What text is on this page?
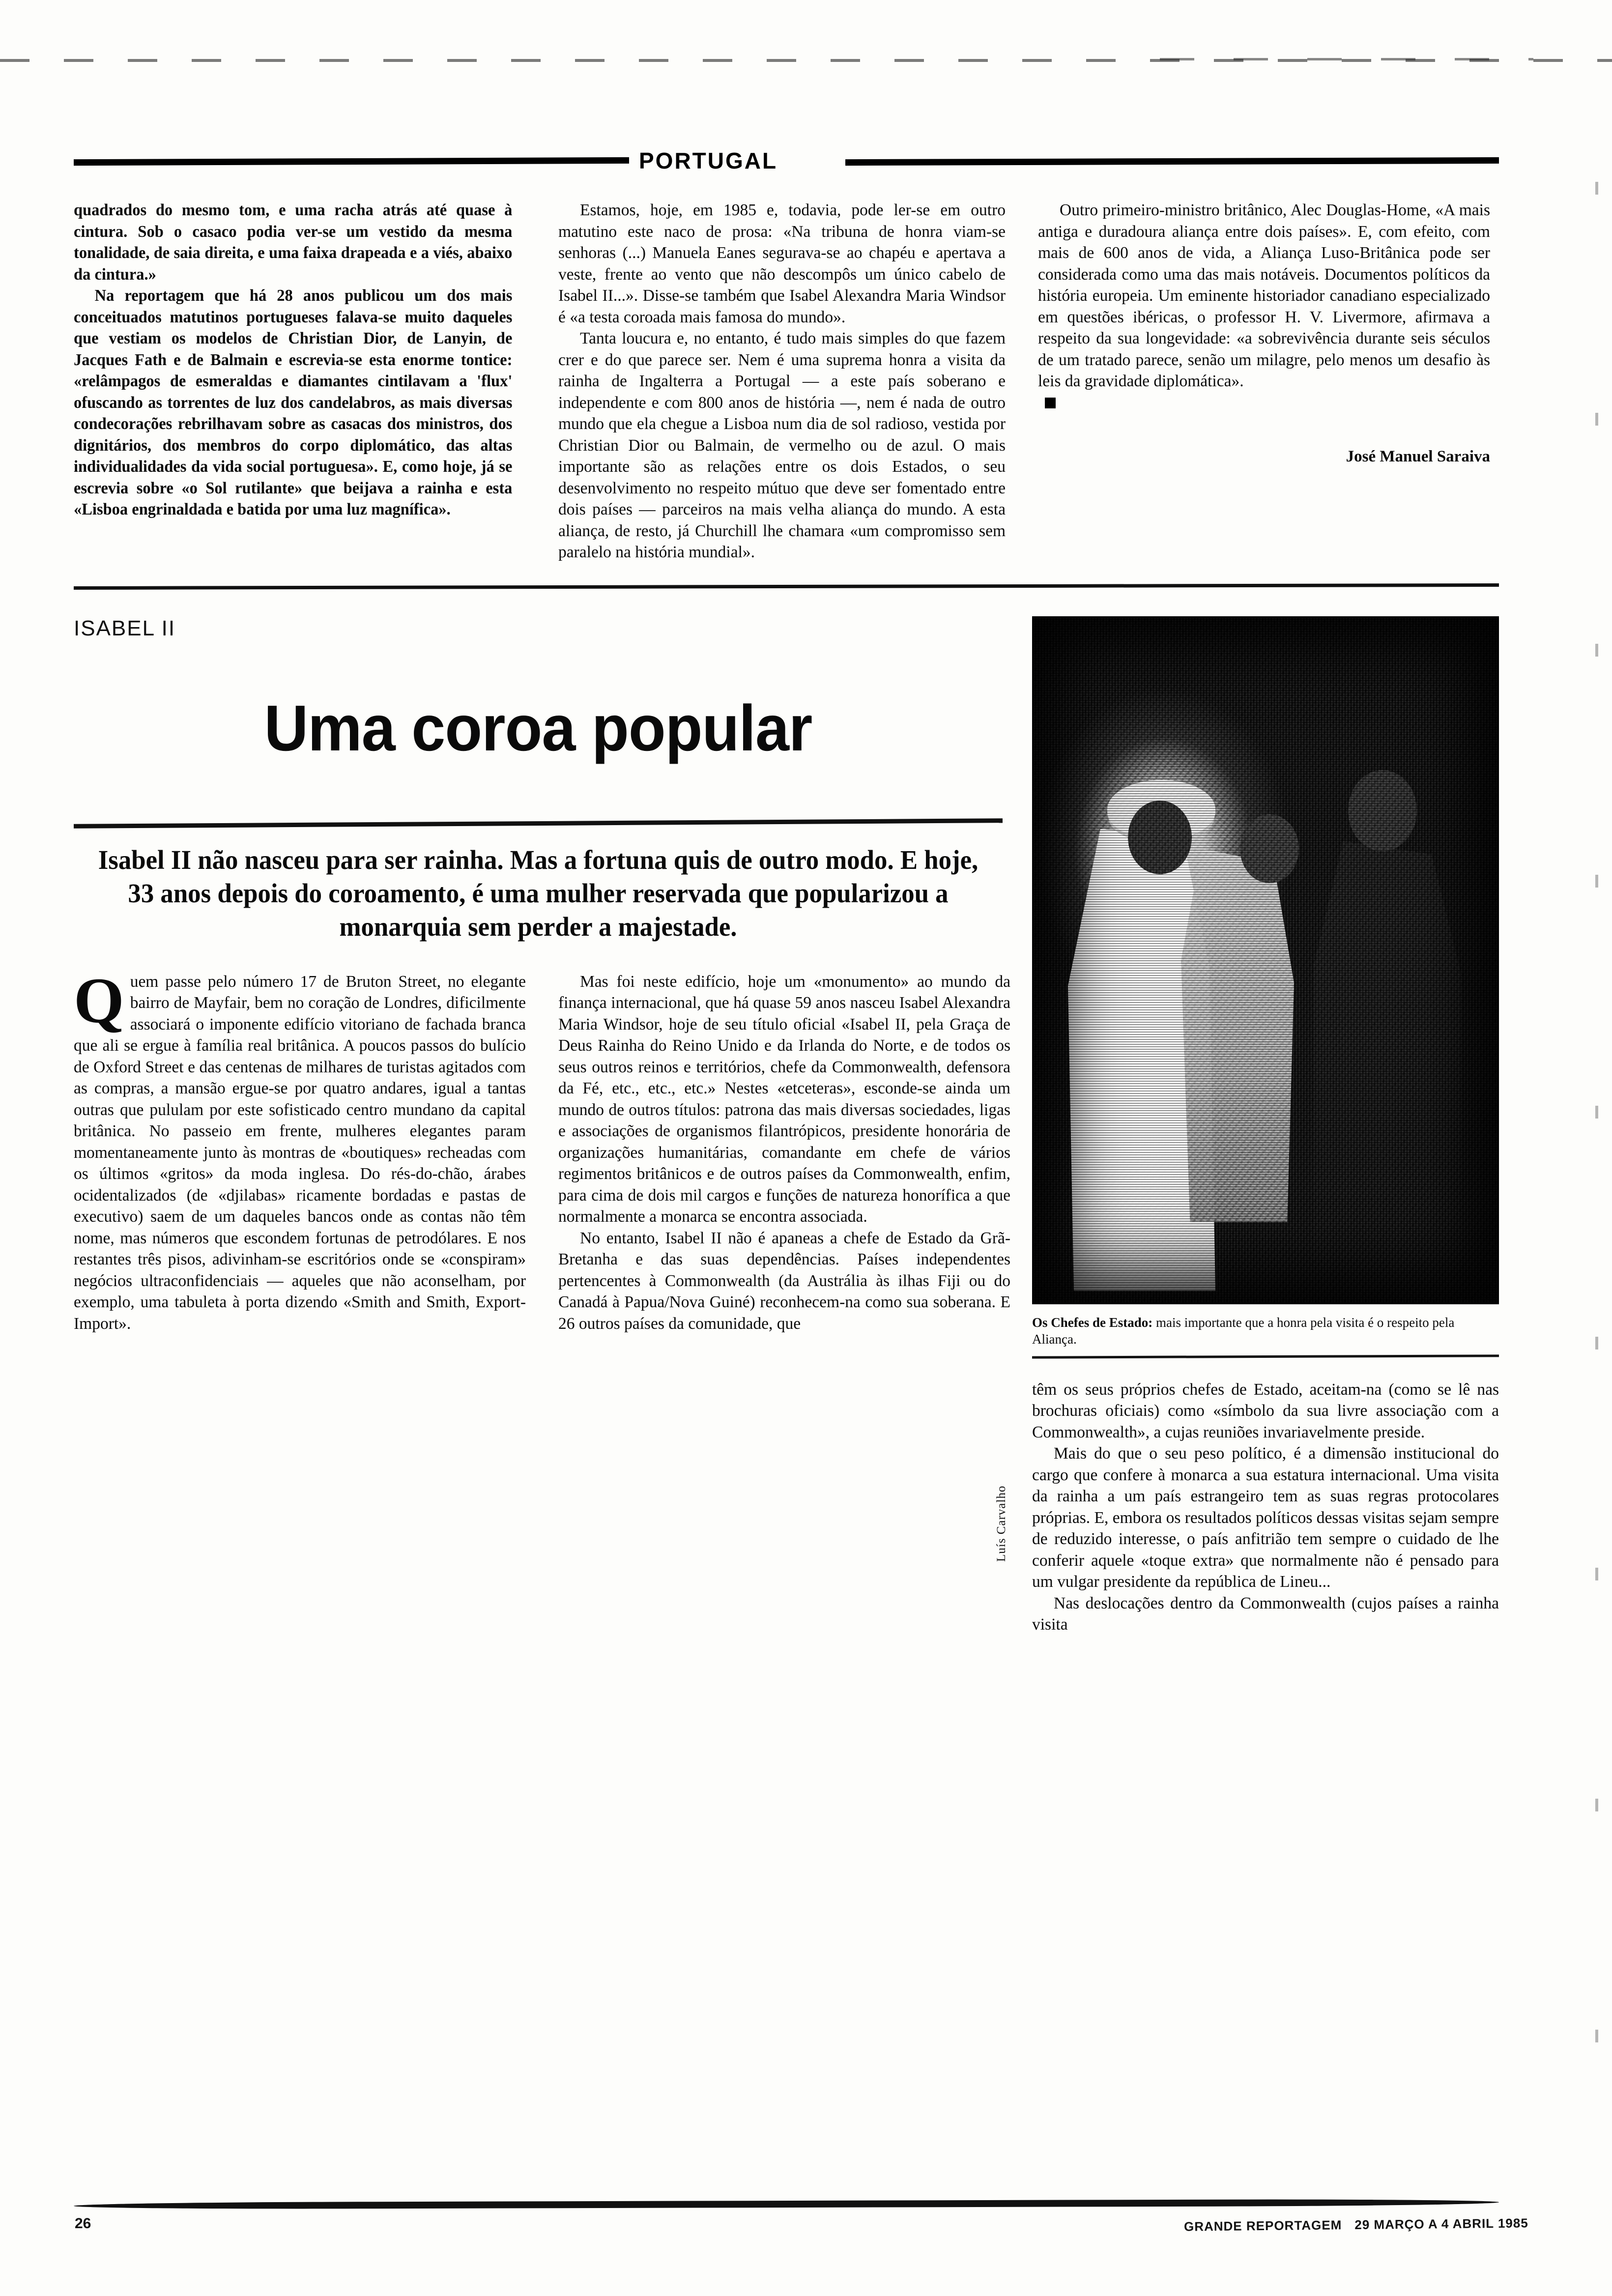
PORTUGAL

quadrados do mesmo tom, e uma racha atrás até quase à cintura. Sob o casaco podia ver-se um vestido da mesma tonalidade, de saia direita, e uma faixa drapeada e a viés, abaixo da cintura.»

Na reportagem que há 28 anos publicou um dos mais conceituados matutinos portugueses falava-se muito daqueles que vestiam os modelos de Christian Dior, de Lanyin, de Jacques Fath e de Balmain e escrevia-se esta enorme tontice: «relâmpagos de esmeraldas e diamantes cintilavam a 'flux' ofuscando as torrentes de luz dos candelabros, as mais diversas condecorações rebrilhavam sobre as casacas dos ministros, dos dignitários, dos membros do corpo diplomático, das altas individualidades da vida social portuguesa». E, como hoje, já se escrevia sobre «o Sol rutilante» que beijava a rainha e esta «Lisboa engrinaldada e batida por uma luz magnífica».

Estamos, hoje, em 1985 e, todavia, pode ler-se em outro matutino este naco de prosa: «Na tribuna de honra viam-se senhoras (...) Manuela Eanes segurava-se ao chapéu e apertava a veste, frente ao vento que não descompôs um único cabelo de Isabel II...». Disse-se também que Isabel Alexandra Maria Windsor é «a testa coroada mais famosa do mundo».

Tanta loucura e, no entanto, é tudo mais simples do que fazem crer e do que parece ser. Nem é uma suprema honra a visita da rainha de Ingalterra a Portugal — a este país soberano e independente e com 800 anos de história —, nem é nada de outro mundo que ela chegue a Lisboa num dia de sol radioso, vestida por Christian Dior ou Balmain, de vermelho ou de azul. O mais importante são as relações entre os dois Estados, o seu desenvolvimento no respeito mútuo que deve ser fomentado entre dois países — parceiros na mais velha aliança do mundo. A esta aliança, de resto, já Churchill lhe chamara «um compromisso sem paralelo na história mundial».

Outro primeiro-ministro britânico, Alec Douglas-Home, «A mais antiga e duradoura aliança entre dois países». E, com efeito, com mais de 600 anos de vida, a Aliança Luso-Britânica pode ser considerada como uma das mais notáveis. Documentos políticos da história europeia. Um eminente historiador canadiano especializado em questões ibéricas, o professor H. V. Livermore, afirmava a respeito da sua longevidade: «a sobrevivência durante seis séculos de um tratado parece, senão um milagre, pelo menos um desafio às leis da gravidade diplomática».

José Manuel Saraiva

Luís Carvalho
Os Chefes de Estado: mais importante que a honra pela visita é o respeito pela Aliança.

têm os seus próprios chefes de Estado, aceitam-na (como se lê nas brochuras oficiais) como «símbolo da sua livre associação com a Commonwealth», a cujas reuniões invariavelmente preside.

Mais do que o seu peso político, é a dimensão institucional do cargo que confere à monarca a sua estatura internacional. Uma visita da rainha a um país estrangeiro tem as suas regras protocolares próprias. E, embora os resultados políticos dessas visitas sejam sempre de reduzido interesse, o país anfitrião tem sempre o cuidado de lhe conferir aquele «toque extra» que normalmente não é pensado para um vulgar presidente da república de Lineu...

Nas deslocações dentro da Commonwealth (cujos países a rainha visita

ISABEL II
Uma coroa popular
Isabel II não nasceu para ser rainha. Mas a fortuna quis de outro modo. E hoje, 33 anos depois do coroamento, é uma mulher reservada que popularizou a monarquia sem perder a majestade.

Quem passe pelo número 17 de Bruton Street, no elegante bairro de Mayfair, bem no coração de Londres, dificilmente associará o imponente edifício vitoriano de fachada branca que ali se ergue à família real britânica. A poucos passos do bulício de Oxford Street e das centenas de milhares de turistas agitados com as compras, a mansão ergue-se por quatro andares, igual a tantas outras que pululam por este sofisticado centro mundano da capital britânica. No passeio em frente, mulheres elegantes param momentaneamente junto às montras de «boutiques» recheadas com os últimos «gritos» da moda inglesa. Do rés-do-chão, árabes ocidentalizados (de «djilabas» ricamente bordadas e pastas de executivo) saem de um daqueles bancos onde as contas não têm nome, mas números que escondem fortunas de petrodólares. E nos restantes três pisos, adivinham-se escritórios onde se «conspiram» negócios ultraconfidenciais — aqueles que não aconselham, por exemplo, uma tabuleta à porta dizendo «Smith and Smith, Export-Import».

Mas foi neste edifício, hoje um «monumento» ao mundo da finança internacional, que há quase 59 anos nasceu Isabel Alexandra Maria Windsor, hoje de seu título oficial «Isabel II, pela Graça de Deus Rainha do Reino Unido e da Irlanda do Norte, e de todos os seus outros reinos e territórios, chefe da Commonwealth, defensora da Fé, etc., etc., etc.» Nestes «etceteras», esconde-se ainda um mundo de outros títulos: patrona das mais diversas sociedades, ligas e associações de organismos filantrópicos, presidente honorária de organizações humanitárias, comandante em chefe de vários regimentos britânicos e de outros países da Commonwealth, enfim, para cima de dois mil cargos e funções de natureza honorífica a que normalmente a monarca se encontra associada.

No entanto, Isabel II não é apaneas a chefe de Estado da Grã-Bretanha e das suas dependências. Países independentes pertencentes à Commonwealth (da Austrália às ilhas Fiji ou do Canadá à Papua/Nova Guiné) reconhecem-na como sua soberana. E 26 outros países da comunidade, que

26	GRANDE REPORTAGEM 29 MARÇO A 4 ABRIL 1985
